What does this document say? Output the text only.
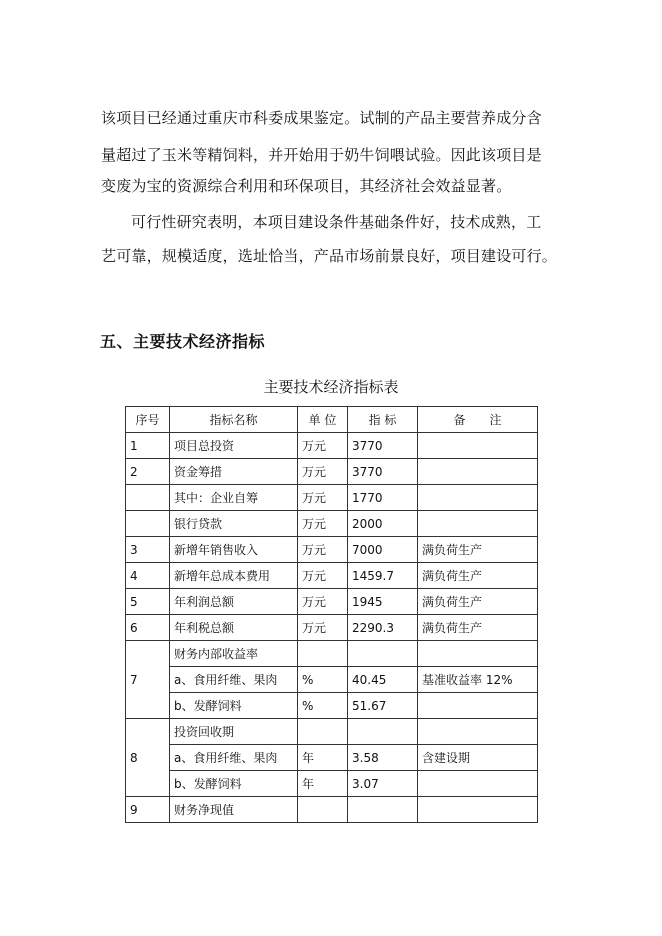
该项目已经通过重庆市科委成果鉴定。试制的产品主要营养成分含
量超过了玉米等精饲料，并开始用于奶牛饲喂试验。因此该项目是
变废为宝的资源综合利用和环保项目，其经济社会效益显著。
可行性研究表明，本项目建设条件基础条件好，技术成熟，工
艺可靠，规模适度，选址恰当，产品市场前景良好，项目建设可行。
五、主要技术经济指标
主要技术经济指标表
序号	指标名称	单 位	指 标	备　　注
1	项目总投资	万元	3770	
2	资金筹措	万元	3770	
	其中：企业自筹	万元	1770	
	银行贷款	万元	2000	
3	新增年销售收入	万元	7000	满负荷生产
4	新增年总成本费用	万元	1459.7	满负荷生产
5	年利润总额	万元	1945	满负荷生产
6	年利税总额	万元	2290.3	满负荷生产
7	财务内部收益率			
	a、食用纤维、果肉	%	40.45	基准收益率 12%
	b、发酵饲料	%	51.67	
8	投资回收期			
	a、食用纤维、果肉	年	3.58	含建设期
	b、发酵饲料	年	3.07	
9	财务净现值			
